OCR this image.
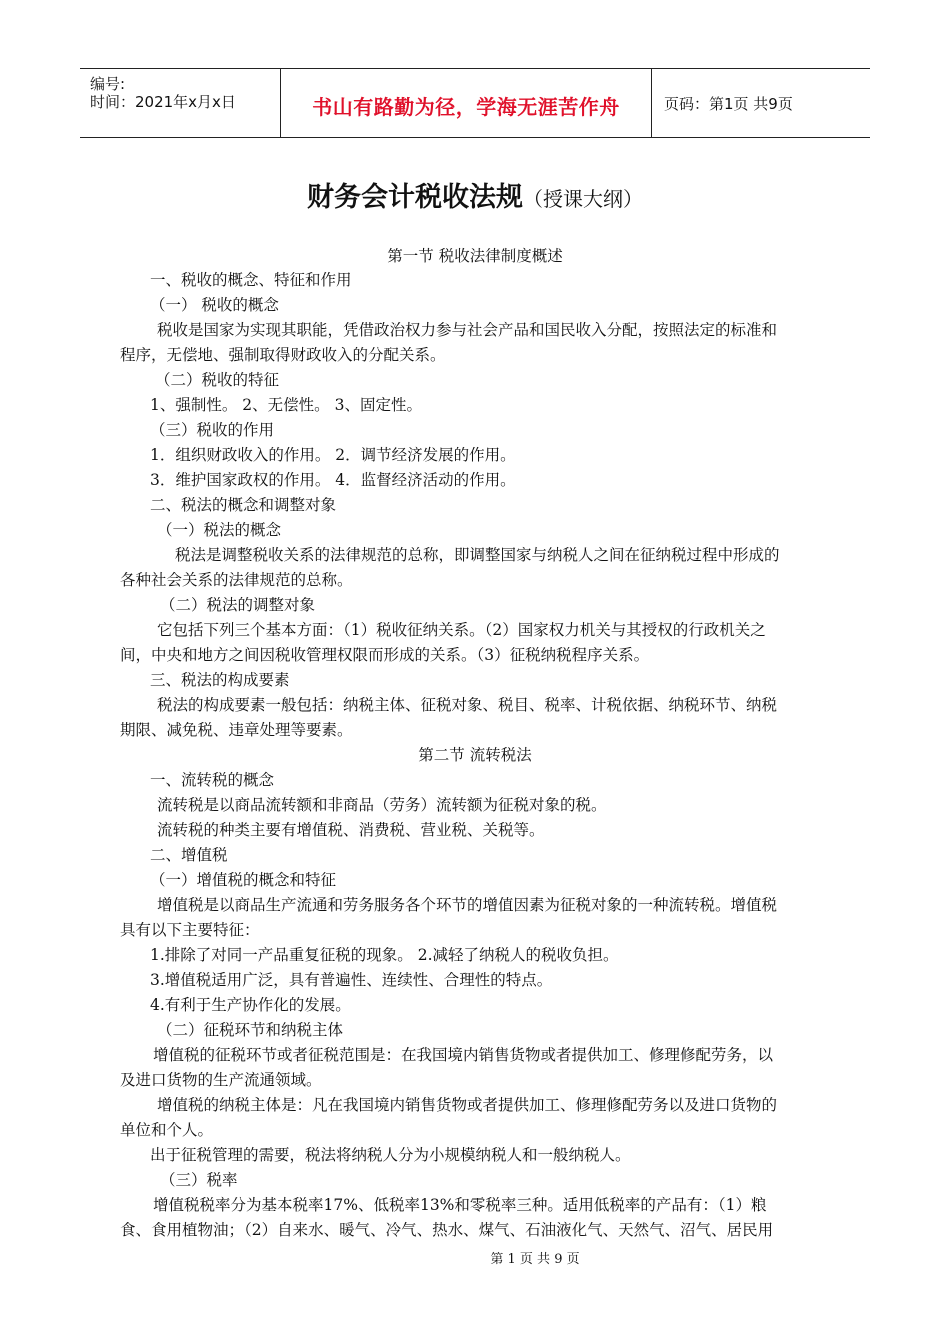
编号:
时间：2021年x月x日	书山有路勤为径，学海无涯苦作舟	页码：第1页 共9页
财务会计税收法规（授课大纲）
第一节 税收法律制度概述
一、税收的概念、特征和作用
（一） 税收的概念
税收是国家为实现其职能，凭借政治权力参与社会产品和国民收入分配，按照法定的标准和
程序，无偿地、强制取得财政收入的分配关系。
（二）税收的特征
1、强制性。 2、无偿性。 3、固定性。
（三）税收的作用
1．组织财政收入的作用。 2．调节经济发展的作用。
3．维护国家政权的作用。 4．监督经济活动的作用。
二、税法的概念和调整对象
（一）税法的概念
税法是调整税收关系的法律规范的总称，即调整国家与纳税人之间在征纳税过程中形成的
各种社会关系的法律规范的总称。
（二）税法的调整对象
它包括下列三个基本方面：（1）税收征纳关系。（2）国家权力机关与其授权的行政机关之
间，中央和地方之间因税收管理权限而形成的关系。（3）征税纳税程序关系。
三、税法的构成要素
税法的构成要素一般包括：纳税主体、征税对象、税目、税率、计税依据、纳税环节、纳税
期限、减免税、违章处理等要素。
第二节 流转税法
一、流转税的概念
流转税是以商品流转额和非商品（劳务）流转额为征税对象的税。
流转税的种类主要有增值税、消费税、营业税、关税等。
二、增值税
（一）增值税的概念和特征
增值税是以商品生产流通和劳务服务各个环节的增值因素为征税对象的一种流转税。增值税
具有以下主要特征：
1.排除了对同一产品重复征税的现象。 2.减轻了纳税人的税收负担。
3.增值税适用广泛，具有普遍性、连续性、合理性的特点。
4.有利于生产协作化的发展。
（二）征税环节和纳税主体
增值税的征税环节或者征税范围是：在我国境内销售货物或者提供加工、修理修配劳务，以
及进口货物的生产流通领域。
增值税的纳税主体是：凡在我国境内销售货物或者提供加工、修理修配劳务以及进口货物的
单位和个人。
出于征税管理的需要，税法将纳税人分为小规模纳税人和一般纳税人。
（三）税率
增值税税率分为基本税率17%、低税率13%和零税率三种。适用低税率的产品有：（1）粮
食、食用植物油；（2）自来水、暖气、冷气、热水、煤气、石油液化气、天然气、沼气、居民用
第 1 页 共 9 页
